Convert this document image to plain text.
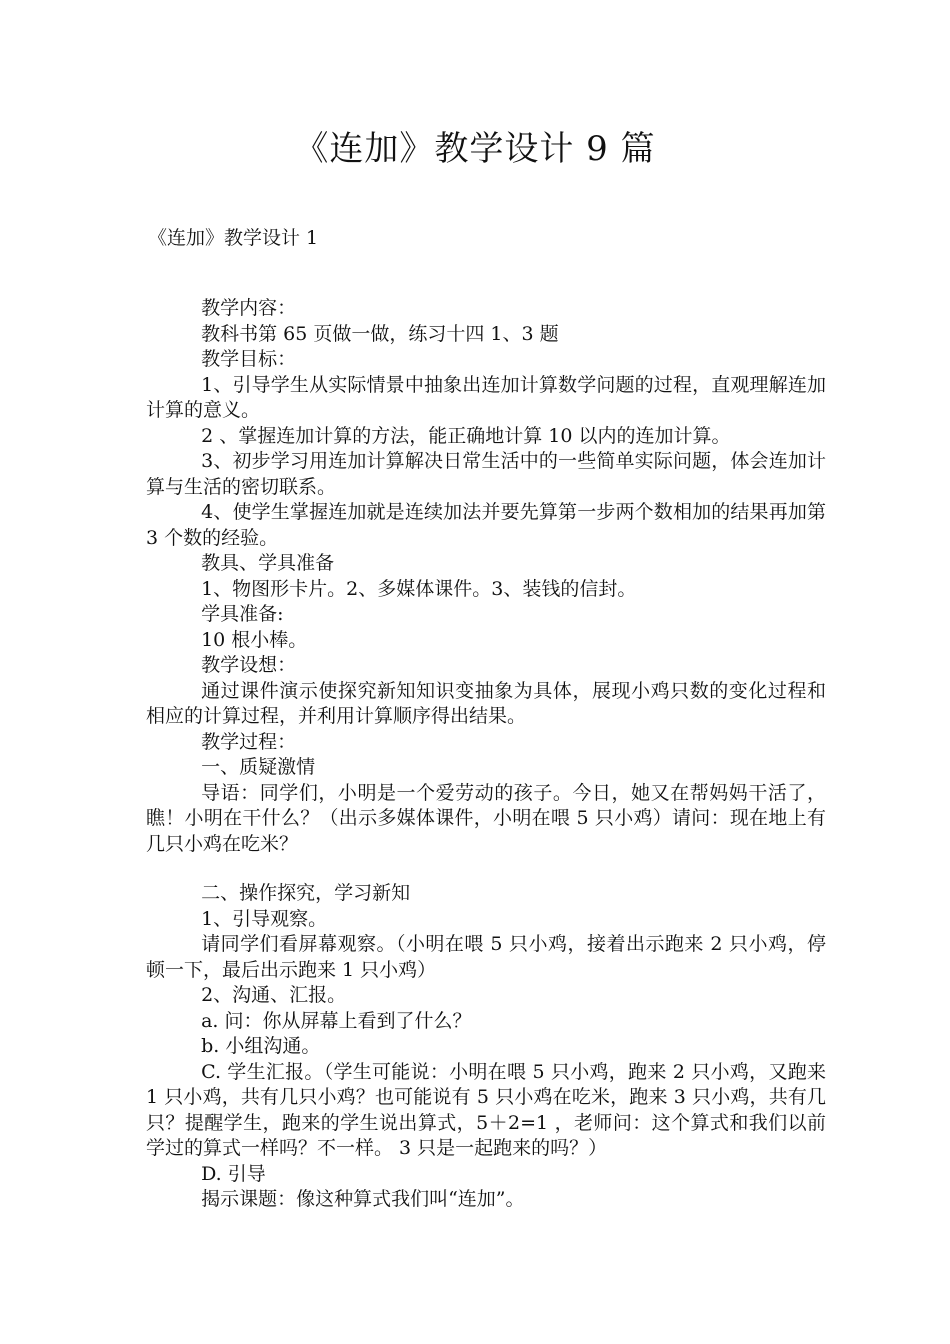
《连加》教学设计 9 篇
《连加》教学设计 1

教学内容：

教科书第 65 页做一做，练习十四 1、3 题

教学目标：

1、引导学生从实际情景中抽象出连加计算数学问题的过程，直观理解连加计算的意义。

2 、掌握连加计算的方法，能正确地计算 10 以内的连加计算。

3、初步学习用连加计算解决日常生活中的一些简单实际问题，体会连加计算与生活的密切联系。

4、使学生掌握连加就是连续加法并要先算第一步两个数相加的结果再加第 3 个数的经验。

教具、学具准备

1、物图形卡片。2、多媒体课件。3、装钱的信封。

学具准备:

10 根小棒。

教学设想：

通过课件演示使探究新知知识变抽象为具体，展现小鸡只数的变化过程和相应的计算过程，并利用计算顺序得出结果。

教学过程：

一、质疑激情

导语：同学们，小明是一个爱劳动的孩子。今日，她又在帮妈妈干活了，瞧！小明在干什么？（出示多媒体课件，小明在喂 5 只小鸡）请问：现在地上有几只小鸡在吃米？

二、操作探究，学习新知

1、引导观察。

请同学们看屏幕观察。（小明在喂 5 只小鸡，接着出示跑来 2 只小鸡，停顿一下，最后出示跑来 1 只小鸡）

2、沟通、汇报。

a. 问：你从屏幕上看到了什么？

b. 小组沟通。

C. 学生汇报。（学生可能说：小明在喂 5 只小鸡，跑来 2 只小鸡，又跑来 1 只小鸡，共有几只小鸡？也可能说有 5 只小鸡在吃米，跑来 3 只小鸡，共有几只？提醒学生，跑来的学生说出算式，5＋2=1 ，老师问：这个算式和我们以前学过的算式一样吗？不一样。 3 只是一起跑来的吗？）

D. 引导

揭示课题：像这种算式我们叫“连加”。
